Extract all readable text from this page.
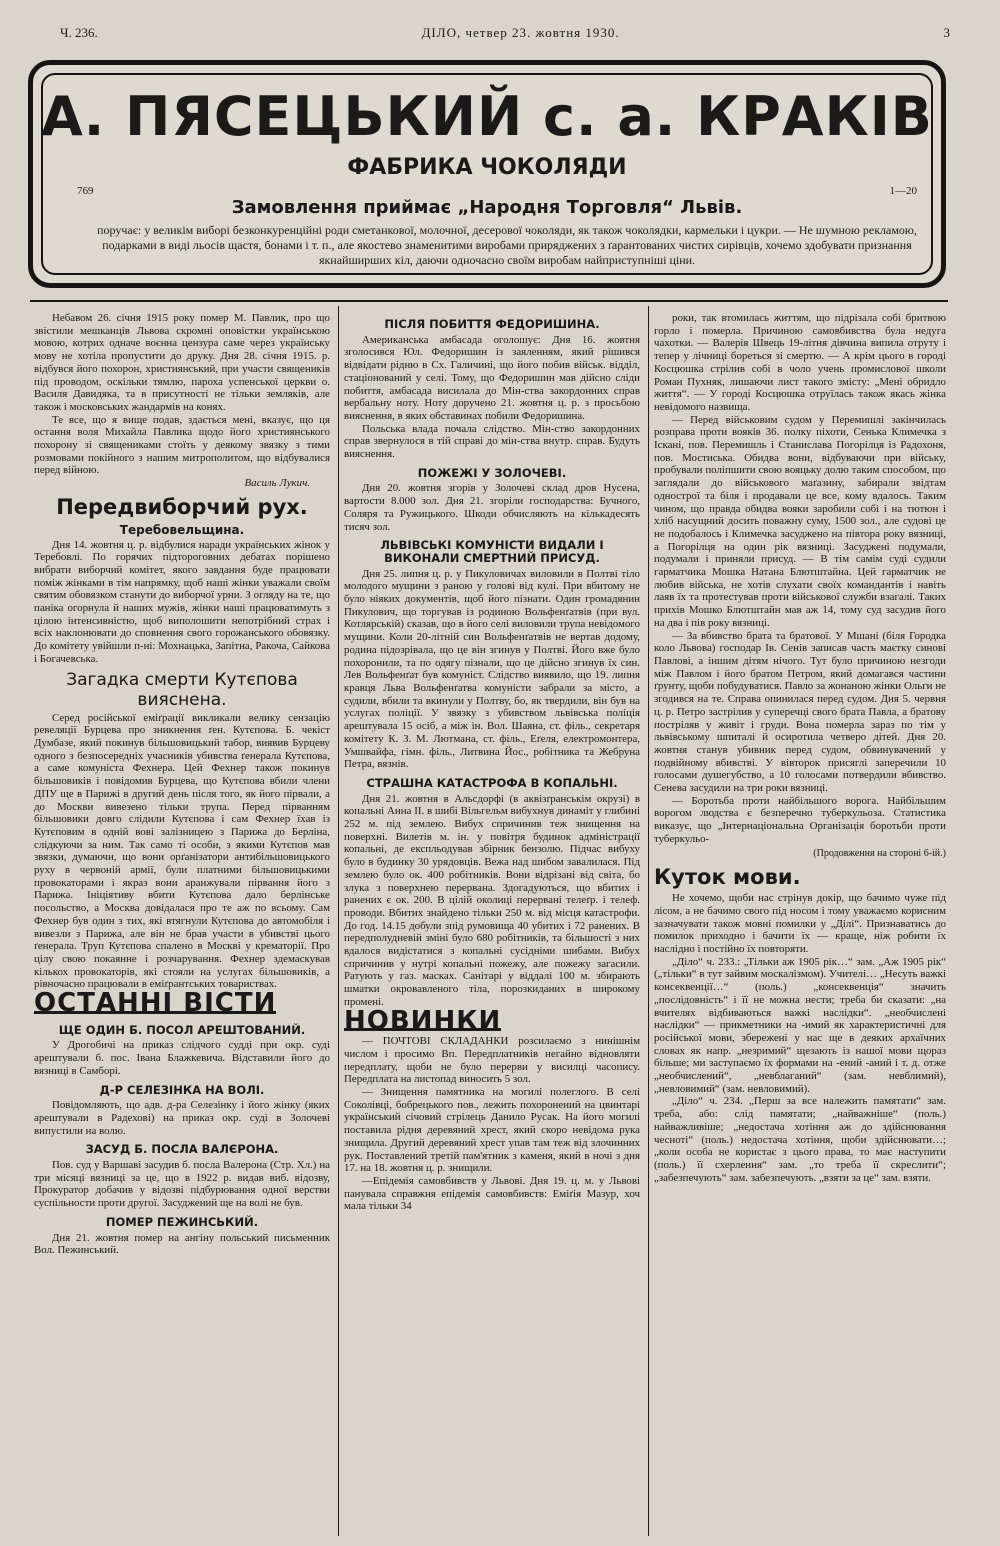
Ч. 236.	ДІЛО, четвер 23. жовтня 1930.	3
А. ПЯСЕЦЬКИЙ с. а. КРАКІВ
ФАБРИКА ЧОКОЛЯДИ
769	1—20
Замовлення приймає „Народня Торговля“ Львів.
поручає: у великім виборі безконкуренційні роди сметанкової, молочної, десерової чоколяди, як також чоколядки, кармельки і цукри. — Не шумною рекламою, подарками в виді льосів щастя, бонами і т. п., але якостево знаменитими виробами приряджених з ґарантованих чистих сирівців, хочемо здобувати признання якнайширших кіл, даючи одночасно своїм виробам найприступніші ціни.

Небавом 26. січня 1915 року помер М. Павлик, про що звістили мешканців Львова скромні оповістки українською мовою, котрих одначе воєнна цензура саме через українську мову не хотіла пропустити до друку. Дня 28. січня 1915. р. відбувся його похорон, християнський, при участи священиків під проводом, оскільки тямлю, пароха успенської церкви о. Василя Давидяка, та в присутності не тільки земляків, але також і московських жандармів на конях.

Те все, що я вище подав, здається мені, вказує, що ця остання воля Михайла Павлика щодо його християнського похорону зі священиками стоїть у деякому звязку з тими розмовами покійного з нашим митрополитом, що відбувалися перед війною.

Василь Лукич.
Передвиборчий рух.
Теребовельщина.

Дня 14. жовтня ц. р. відбулися наради українських жінок у Теребовлі. По горячих підтороговних дебатах порішено вибрати виборчий комітет, якого завдання буде працювати поміж жінками в тім напрямку, щоб наші жінки уважали своїм святим обовязком станути до виборчої урни. З огляду на те, що паніка огорнула й наших мужів, жінки наші працюватимуть з цілою інтенсивністю, щоб виполошити непотрібний страх і всіх наклонювати до сповнення свого горожанського обовязку. До комітету увійшли п-ні: Мохнацька, Запітна, Ракочa, Сайкова і Богачевська.

Загадка смерти Кутєпова вияснена.

Серед російської еміґрації викликали велику сензацію ревеляції Бурцева про зникнення ґен. Кутєпова. Б. чекіст Думбазе, який покинув більшовицький табор, виявив Бурцеву одного з безпосередніх учасників убивства ґенерала Кутєпова, а саме комуніста Фехнера. Цей Фехнер також покинув більшовиків і повідомив Бурцева, що Кутєпова вбили члени ДПУ ще в Парижі в другий день після того, як його пірвали, а до Москви вивезено тільки трупа. Перед пірванням більшовики довго слідили Кутєпова і сам Фехнер їхав із Кутєповим в одній вові залізницею з Парижа до Берліна, слідкуючи за ним. Так само ті особи, з якими Кутєпов мав звязки, думаючи, що вони орґанізатори антибільшовицького руху в червоній армії, були платними більшовицькими провокаторами і якраз вони аранжували пірвання його з Парижа. Ініціятиву вбити Кутєпова дало берлінське посольство, а Москва довідалася про те аж по всьому. Сам Фехнер був один з тих, які втягнули Кутєпова до автомобіля і вивезли з Парижа, але він не брав участи в убивстві цього ґенерала. Труп Кутєпова спалено в Москві у крематорії. Про цілу свою покаянне і розчарування. Фехнер здемаскував кількох провокаторів, які стояли на услугах більшовиків, а рівночасно працювали в еміґрантських товариствах.

ОСТАННІ ВІСТИ
ЩЕ ОДИН Б. ПОСОЛ АРЕШТОВАНИЙ.

У Дрогобичі на приказ слідчого судді при окр. суді арештували б. пос. Івана Блажкевича. Відставили його до вязниці в Самборі.

Д-Р СЕЛЕЗІНКА НА ВОЛІ.

Повідомляють, що адв. д-ра Селезінку і його жінку (яких арештували в Радехові) на приказ окр. суді в Золочеві випустили на волю.

ЗАСУД Б. ПОСЛА ВАЛЄРОНА.

Пов. суд у Варшаві засудив б. посла Валерона (Стр. Хл.) на три місяці вязниці за це, що в 1922 р. видав виб. відозву, Прокуратор добачив у відозві підбурювання одної верстви суспільности проти другої. Засуджений ще на волі не був.

ПОМЕР ПЕЖИНСЬКИЙ.

Дня 21. жовтня помер на ангіну польський письменник Вол. Пежинський.

ПІСЛЯ ПОБИТТЯ ФЕДОРИШИНА.

Американська амбасада оголошує: Дня 16. жовтня зголосився Юл. Федоришин із заяленням, який рішився відвідати рідню в Сх. Галичині, що його побив військ. відділ, стаціонований у селі. Тому, що Федоришин мав дійсно сліди побиття, амбасада висилала до Мін-ства закордонних справ вербальну ноту. Ноту доручено 21. жовтня ц. р. з просьбою вияснення, в яких обставинах побили Федоришина.

Польська влада почала слідство. Мін-ство закордонних справ звернулося в тій справі до мін-ства внутр. справ. Будуть вияснення.

ПОЖЕЖІ У ЗОЛОЧЕВІ.

Дня 20. жовтня згорів у Золочеві склад дров Нусена, вартости 8.000 зол. Дня 21. згоріли господарства: Бучного, Соляря та Ружицького. Шкоди обчисляють на кількадесять тисяч зол.

ЛЬВІВСЬКІ КОМУНІСТИ ВИДАЛИ І ВИКОНАЛИ СМЕРТНИЙ ПРИСУД.

Дня 25. липня ц. р. у Пикуловичах виловили в Полтві тіло молодого мущини з раною у голові від кулі. При вбитому не було ніяких документів, щоб його пізнати. Один громадянин Пикулович, що торгував із родиною Вольфенґатвів (при вул. Котлярській) сказав, що в його селі виловили трупа невідомого мущини. Коли 20-літній син Вольфенґатвів не вертав додому, родина підозрівала, що це він згинув у Полтві. Його вже було похоронили, та по одягу пізнали, що це дійсно згинув їх син. Лев Вольфенґат був комуніст. Слідство виявило, що 19. липня кравця Льва Вольфенґатва комуністи забрали за місто, а судили, вбили та вкинули у Полтву, бо, як твердили, він був на услугах поліції. У звязку з убивством львівська поліція арештувала 15 осіб, а між ін. Вол. Шаяна, ст. філь., секретаря комітету К. З. М. Лютмана, ст. філь., Еґеля, електромонтера, Умшвайфа, гімн. філь., Литвина Йос., робітника та Жебруна Петра, вязнів.

СТРАШНА КАТАСТРОФА В КОПАЛЬНІ.

Дня 21. жовтня в Альсдорфі (в аквізґранськім окрузі) в копальні Анна II. в шибі Вільгельм вибухнув динаміт у глибині 252 м. під землею. Вибух спричинив теж знищення на поверхні. Вилетів м. ін. у повітря будинок адміністрації копальні, де експльодував збірник бензолю. Підчас вибуху було в будинку 30 урядовців. Вежа над шибом завалилася. Під землею було ок. 400 робітників. Вони відрізані від світа, бо злука з поверхнею перервана. Здогадуються, що вбитих і ранених є ок. 200. В цілій околиці перервані телеґр. і телеф. проводи. Вбитих знайдено тільки 250 м. від місця катастрофи. До год. 14.15 добули зпід румовища 40 убитих і 72 ранених. В передполудневій зміні було 680 робітників, та більшості з них вдалося видістатися з копальні сусідніми шибами. Вибух спричинив у нутрі копальні пожежу, але пожежу загасили. Ратують у газ. масках. Санітарі у віддалі 100 м. збирають шматки окровавленого тіла, порозкиданих в широкому промені.

НОВИНКИ

— ПОЧТОВІ СКЛАДАНКИ розсилаємо з нинішнім числом і просимо Вп. Передплатників негайно відновляти передплату, щоби не було перерви у висилці часопису. Передплата на листопад виносить 5 зол.

— Знищення памятника на могилі полеглого. В селі Соколівці, бобрецького пов., лежить похоронений на цвинтарі український січовий стрілець Данило Русак. На його могилі поставила рідня деревяний хрест, який скоро невідома рука знищила. Другий деревяний хрест упав там теж від злочинних рук. Поставлений третій пам'ятник з каменя, який в ночі з дня 17. на 18. жовтня ц. р. знищили.

—Епідемія самовбивств у Львові. Дня 19. ц. м. у Львові панувала справжня епідемія самовбивств: Еміґія Мазур, хоч мала тільки 34

роки, так втомилась життям, що підрізала собі бритвою горло і померла. Причиною самовбивства була недуга чахотки. — Валерія Швець 19-літня дівчина випила отруту і тепер у лічниці бореться зі смертю. — А крім цього в городі Косцюшка стрілив собі в чоло учень промислової школи Роман Пухняк, лишаючи лист такого змісту: „Мені обридло життя“. — У городі Косцюшка отруїлась також якась жінка невідомого назвища.

— Перед військовим судом у Перемишлі закінчилась розправа проти вояків 36. полку піхоти, Сенька Климечка з Іскані, пов. Перемишль і Станислава Погорілця із Радохоня, пов. Мостиська. Обидва вони, відбуваючи при війську, пробували поліпшити свою вояцьку долю таким способом, що заглядали до військового маґазину, забирали звідтам однострої та біля і продавали це все, кому вдалось. Таким чином, що правда обидва вояки заробили собі і на тютюн і хліб насущний досить поважну суму, 1500 зол., але судові це не подобалось і Климечка засуджено на півтора року вязниці, а Погорілця на один рік вязниці. Засуджені подумали, подумали і приняли присуд. — В тім самім суді судили гарматчика Мошка Натана Блютштайна. Цей гарматчик не любив війська, не хотів слухати своїх командантів і навіть лаяв їх та протестував проти військової служби взагалі. Таких прихів Мошко Блютштайн мав аж 14, тому суд засудив його на два і пів року вязниці.

— За вбивство брата та братової. У Мшані (біля Городка коло Львова) господар Ів. Сенів записав часть маєтку синові Павлові, а іншим дітям нічого. Тут було причиною незгоди між Павлом і його братом Петром, який домагався частини ґрунту, щоби побудуватися. Павло за жонаною жінки Ольги не згодився на те. Справа опинилася перед судом. Дня 5. червня ц. р. Петро застрілив у суперечці свого брата Павла, а братову постріляв у живіт і груди. Вона померла зараз по тім у львівському шпиталі й осиротила четверо дітей. Дня 20. жовтня станув убивник перед судом, обвинувачений у подвійному вбивстві. У вівторок присяглі заперечили 10 голосами душегубство, а 10 голосами потвердили вбивство. Сенева засудили на три роки вязниці.

— Боротьба проти найбільшого ворога. Найбільшим ворогом людства є безперечно туберкульоза. Статистика виказує, що „Інтернаціональна Організація боротьби проти туберкульо-

(Продовження на стороні 6-ій.)
Куток мови.

Не хочемо, щоби нас стрінув докір, що бачимо чуже під лісом, а не бачимо свого під носом і тому уважаємо корисним зазначувати також мовні помилки у „Ділі“. Признаватись до помилок приходно і бачити їх — краще, ніж робити їх наслідно і постійно їх повторяти.

„Діло“ ч. 233.: „Тільки аж 1905 рік…“ зам. „Аж 1905 рік“ („тільки“ в тут зайвим москалізмом). Учителі… „Несуть важкі консеквенції…“ (поль.) „консеквенція“ значить „послідовність“ і її не можна нести; треба би сказати: „на вчителях відбиваються важкі наслідки“. „необчислені наслідки“ — прикметники на -имий як характеристичні для російської мови, збережені у нас ще в деяких архаїчних словах як напр. „незримий“ щезають із нашої мови щораз більше; ми заступаємо їх формами на -ений -аний і т. д. отже „необчислений“, „невблаганий“ (зам. невблимий), „невловимий“ (зам. невловимий).

„Діло“ ч. 234. „Перш за все належить памятати“ зам. треба, або: слід памятати; „найважніше“ (поль.) найважливіше; „недостача хотіння аж до здійснювання чесноті“ (поль.) недостача хотіння, щоби здійснювати…; „коли особа не користає з цього права, то має наступити (поль.) її схерлення“ зам. „то треба її скреслити“; „забезпечують“ зам. забезпечують. „взяти за це“ зам. взяти.
